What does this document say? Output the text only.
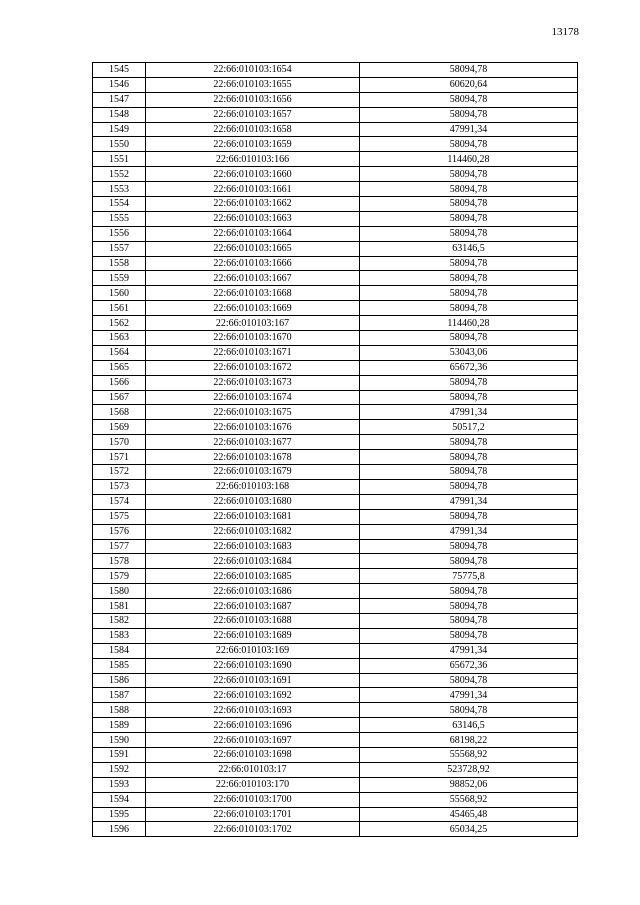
13178
1545	22:66:010103:1654	58094,78
1546	22:66:010103:1655	60620,64
1547	22:66:010103:1656	58094,78
1548	22:66:010103:1657	58094,78
1549	22:66:010103:1658	47991,34
1550	22:66:010103:1659	58094,78
1551	22:66:010103:166	114460,28
1552	22:66:010103:1660	58094,78
1553	22:66:010103:1661	58094,78
1554	22:66:010103:1662	58094,78
1555	22:66:010103:1663	58094,78
1556	22:66:010103:1664	58094,78
1557	22:66:010103:1665	63146,5
1558	22:66:010103:1666	58094,78
1559	22:66:010103:1667	58094,78
1560	22:66:010103:1668	58094,78
1561	22:66:010103:1669	58094,78
1562	22:66:010103:167	114460,28
1563	22:66:010103:1670	58094,78
1564	22:66:010103:1671	53043,06
1565	22:66:010103:1672	65672,36
1566	22:66:010103:1673	58094,78
1567	22:66:010103:1674	58094,78
1568	22:66:010103:1675	47991,34
1569	22:66:010103:1676	50517,2
1570	22:66:010103:1677	58094,78
1571	22:66:010103:1678	58094,78
1572	22:66:010103:1679	58094,78
1573	22:66:010103:168	58094,78
1574	22:66:010103:1680	47991,34
1575	22:66:010103:1681	58094,78
1576	22:66:010103:1682	47991,34
1577	22:66:010103:1683	58094,78
1578	22:66:010103:1684	58094,78
1579	22:66:010103:1685	75775,8
1580	22:66:010103:1686	58094,78
1581	22:66:010103:1687	58094,78
1582	22:66:010103:1688	58094,78
1583	22:66:010103:1689	58094,78
1584	22:66:010103:169	47991,34
1585	22:66:010103:1690	65672,36
1586	22:66:010103:1691	58094,78
1587	22:66:010103:1692	47991,34
1588	22:66:010103:1693	58094,78
1589	22:66:010103:1696	63146,5
1590	22:66:010103:1697	68198,22
1591	22:66:010103:1698	55568,92
1592	22:66:010103:17	523728,92
1593	22:66:010103:170	98852,06
1594	22:66:010103:1700	55568,92
1595	22:66:010103:1701	45465,48
1596	22:66:010103:1702	65034,25
